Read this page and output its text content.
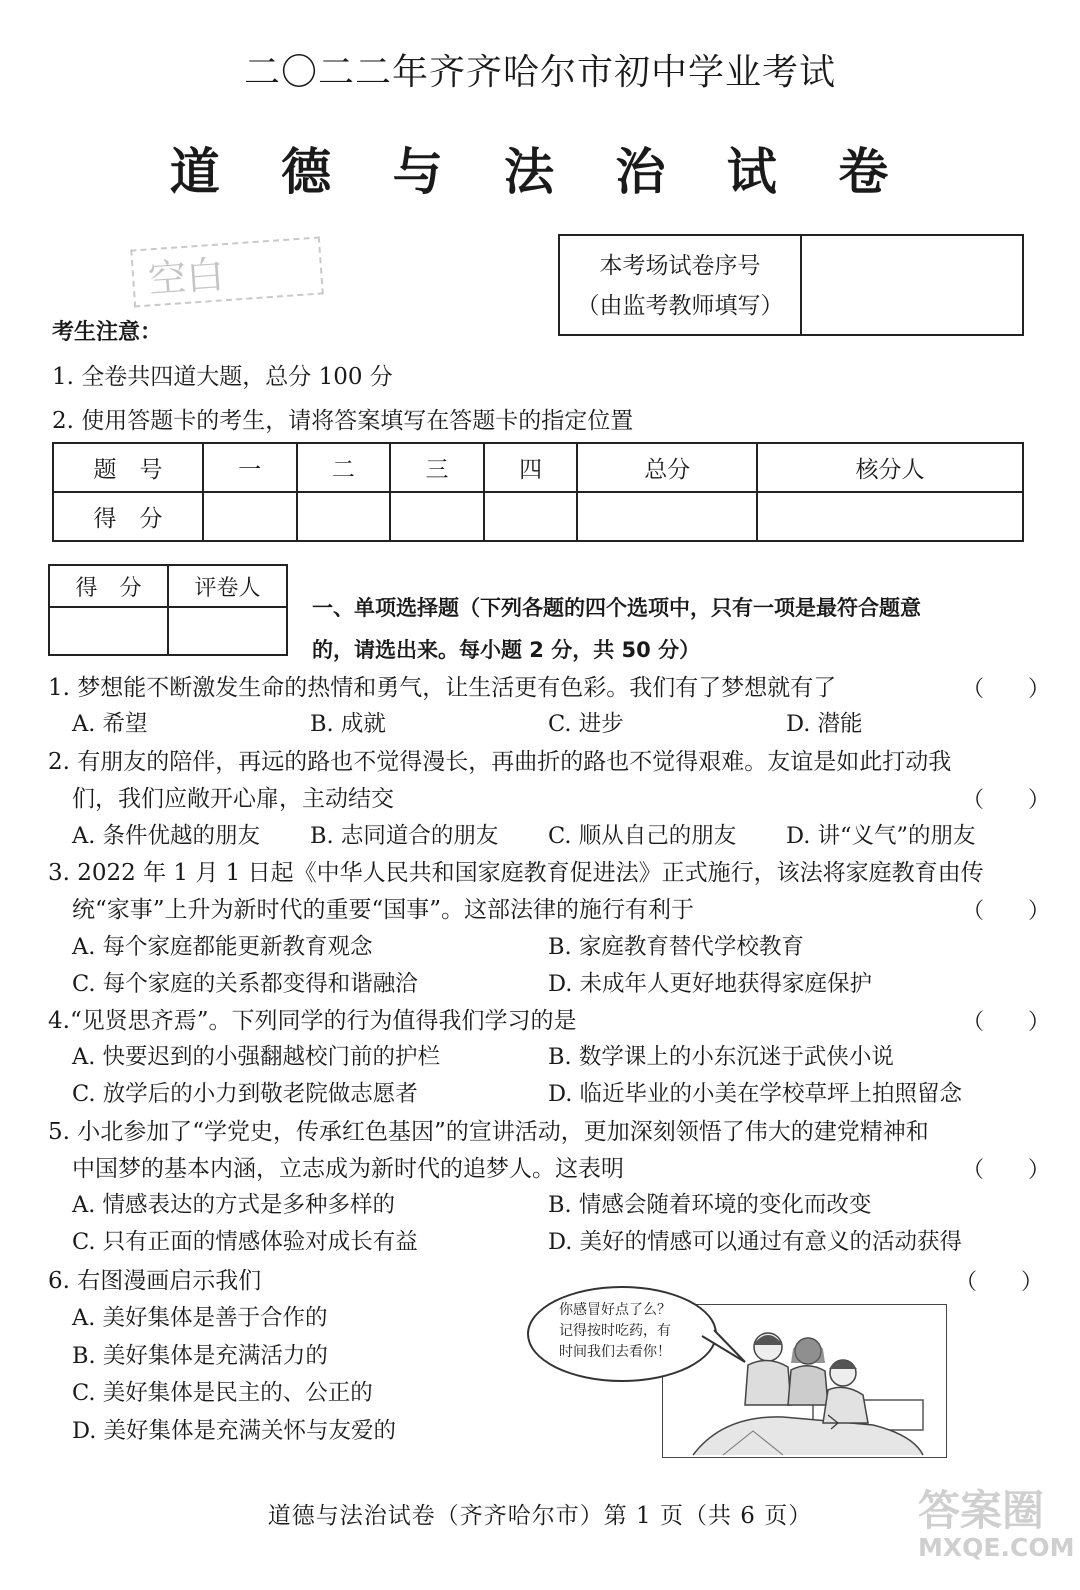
二〇二二年齐齐哈尔市初中学业考试
道 德 与 法 治 试 卷
空白	本考场试卷序号
（由监考教师填写）
考生注意：
1. 全卷共四道大题，总分 100 分
2. 使用答题卡的考生，请将答案填写在答题卡的指定位置
题　号	一	二	三	四	总分	核分人
得　分						
得　分	评卷人

一、单项选择题（下列各题的四个选项中，只有一项是最符合题意
的，请选出来。每小题 2 分，共 50 分）
1. 梦想能不断激发生命的热情和勇气，让生活更有色彩。我们有了梦想就有了	（　　）
A. 希望	B. 成就	C. 进步	D. 潜能
2. 有朋友的陪伴，再远的路也不觉得漫长，再曲折的路也不觉得艰难。友谊是如此打动我
们，我们应敞开心扉，主动结交	（　　）
A. 条件优越的朋友 B. 志同道合的朋友 C. 顺从自己的朋友 D. 讲“义气”的朋友
3. 2022 年 1 月 1 日起《中华人民共和国家庭教育促进法》正式施行，该法将家庭教育由传
统“家事”上升为新时代的重要“国事”。这部法律的施行有利于	（　　）
A. 每个家庭都能更新教育观念	B. 家庭教育替代学校教育
C. 每个家庭的关系都变得和谐融洽	D. 未成年人更好地获得家庭保护
4.“见贤思齐焉”。下列同学的行为值得我们学习的是	（　　）
A. 快要迟到的小强翻越校门前的护栏	B. 数学课上的小东沉迷于武侠小说
C. 放学后的小力到敬老院做志愿者	D. 临近毕业的小美在学校草坪上拍照留念
5. 小北参加了“学党史，传承红色基因”的宣讲活动，更加深刻领悟了伟大的建党精神和
中国梦的基本内涵，立志成为新时代的追梦人。这表明	（　　）
A. 情感表达的方式是多种多样的	B. 情感会随着环境的变化而改变
C. 只有正面的情感体验对成长有益	D. 美好的情感可以通过有意义的活动获得
6. 右图漫画启示我们	（　　）
A. 美好集体是善于合作的
B. 美好集体是充满活力的
C. 美好集体是民主的、公正的
D. 美好集体是充满关怀与友爱的
你感冒好点了么？
记得按时吃药，有
时间我们去看你！
道德与法治试卷（齐齐哈尔市）第 1 页（共 6 页）	答案圈
MXQE.COM
